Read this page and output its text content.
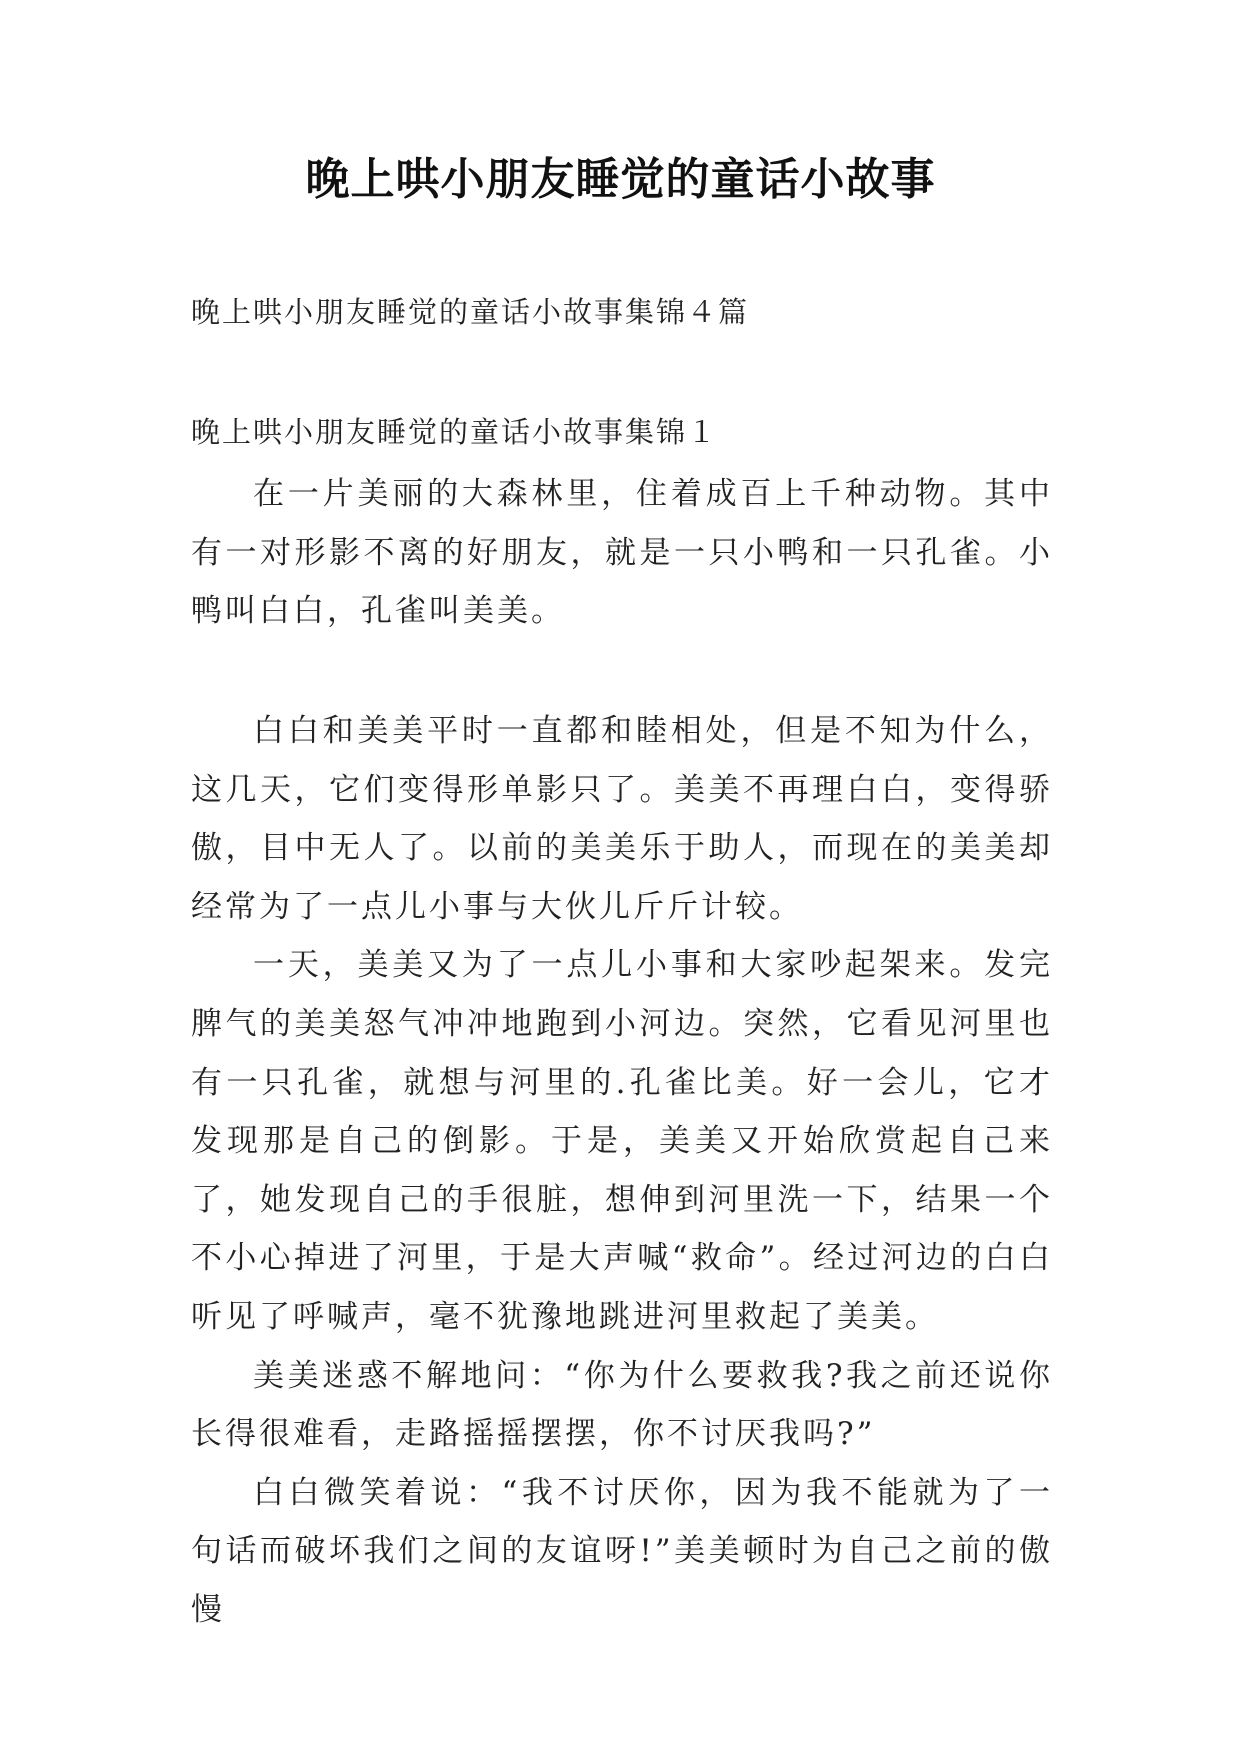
晚上哄小朋友睡觉的童话小故事
晚上哄小朋友睡觉的童话小故事集锦４篇
晚上哄小朋友睡觉的童话小故事集锦１

在一片美丽的大森林里，住着成百上千种动物。其中有一对形影不离的好朋友，就是一只小鸭和一只孔雀。小鸭叫白白，孔雀叫美美。

白白和美美平时一直都和睦相处，但是不知为什么，这几天，它们变得形单影只了。美美不再理白白，变得骄傲，目中无人了。以前的美美乐于助人，而现在的美美却经常为了一点儿小事与大伙儿斤斤计较。

一天，美美又为了一点儿小事和大家吵起架来。发完脾气的美美怒气冲冲地跑到小河边。突然，它看见河里也有一只孔雀，就想与河里的.孔雀比美。好一会儿，它才发现那是自己的倒影。于是，美美又开始欣赏起自己来了，她发现自己的手很脏，想伸到河里洗一下，结果一个不小心掉进了河里，于是大声喊“救命”。经过河边的白白听见了呼喊声，毫不犹豫地跳进河里救起了美美。

美美迷惑不解地问：“你为什么要救我?我之前还说你长得很难看，走路摇摇摆摆，你不讨厌我吗?”

白白微笑着说：“我不讨厌你，因为我不能就为了一句话而破坏我们之间的友谊呀!”美美顿时为自己之前的傲慢
